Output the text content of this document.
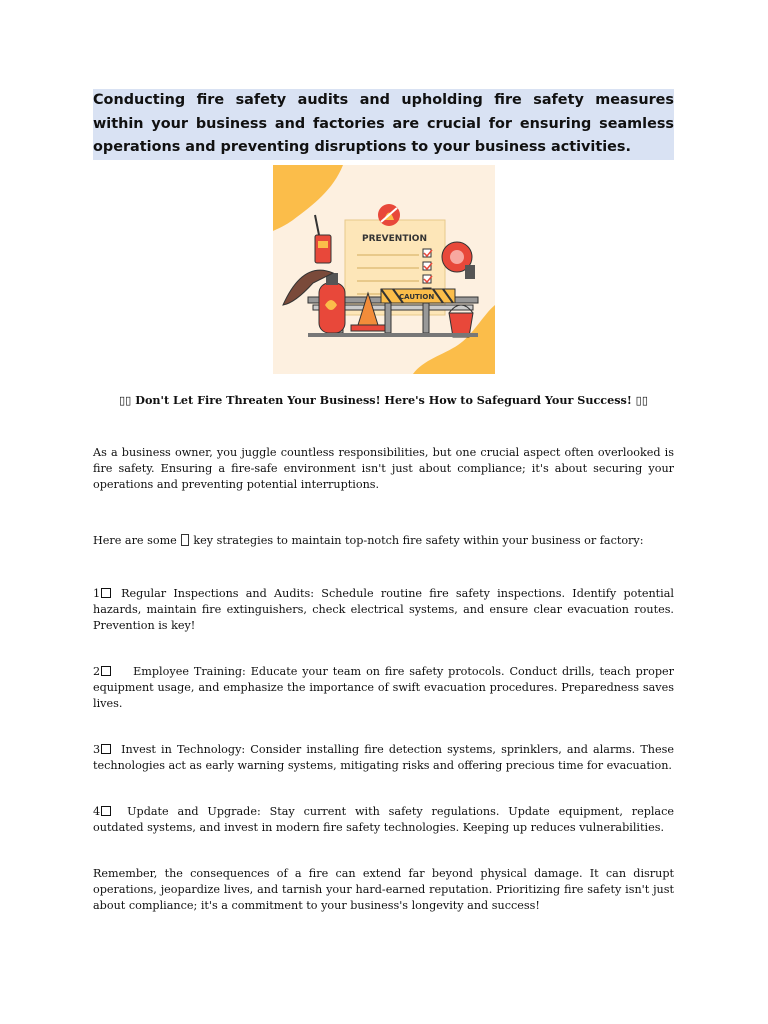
Conducting fire safety audits and upholding fire safety measures within your business and factories are crucial for ensuring seamless operations and preventing disruptions to your business activities.
PREVENTION
CAUTION
▯▯ Don't Let Fire Threaten Your Business! Here's How to Safeguard Your Success! ▯▯

As a business owner, you juggle countless responsibilities, but one crucial aspect often overlooked is fire safety. Ensuring a fire-safe environment isn't just about compliance; it's about securing your operations and preventing potential interruptions.

Here are some key strategies to maintain top-notch fire safety within your business or factory:

1 Regular Inspections and Audits: Schedule routine fire safety inspections. Identify potential hazards, maintain fire extinguishers, check electrical systems, and ensure clear evacuation routes. Prevention is key!

2	Employee Training: Educate your team on fire safety protocols. Conduct drills, teach proper equipment usage, and emphasize the importance of swift evacuation procedures. Preparedness saves lives.

3 Invest in Technology: Consider installing fire detection systems, sprinklers, and alarms. These technologies act as early warning systems, mitigating risks and offering precious time for evacuation.

4 Update and Upgrade: Stay current with safety regulations. Update equipment, replace outdated systems, and invest in modern fire safety technologies. Keeping up reduces vulnerabilities.

Remember, the consequences of a fire can extend far beyond physical damage. It can disrupt operations, jeopardize lives, and tarnish your hard-earned reputation. Prioritizing fire safety isn't just about compliance; it's a commitment to your business's longevity and success!
